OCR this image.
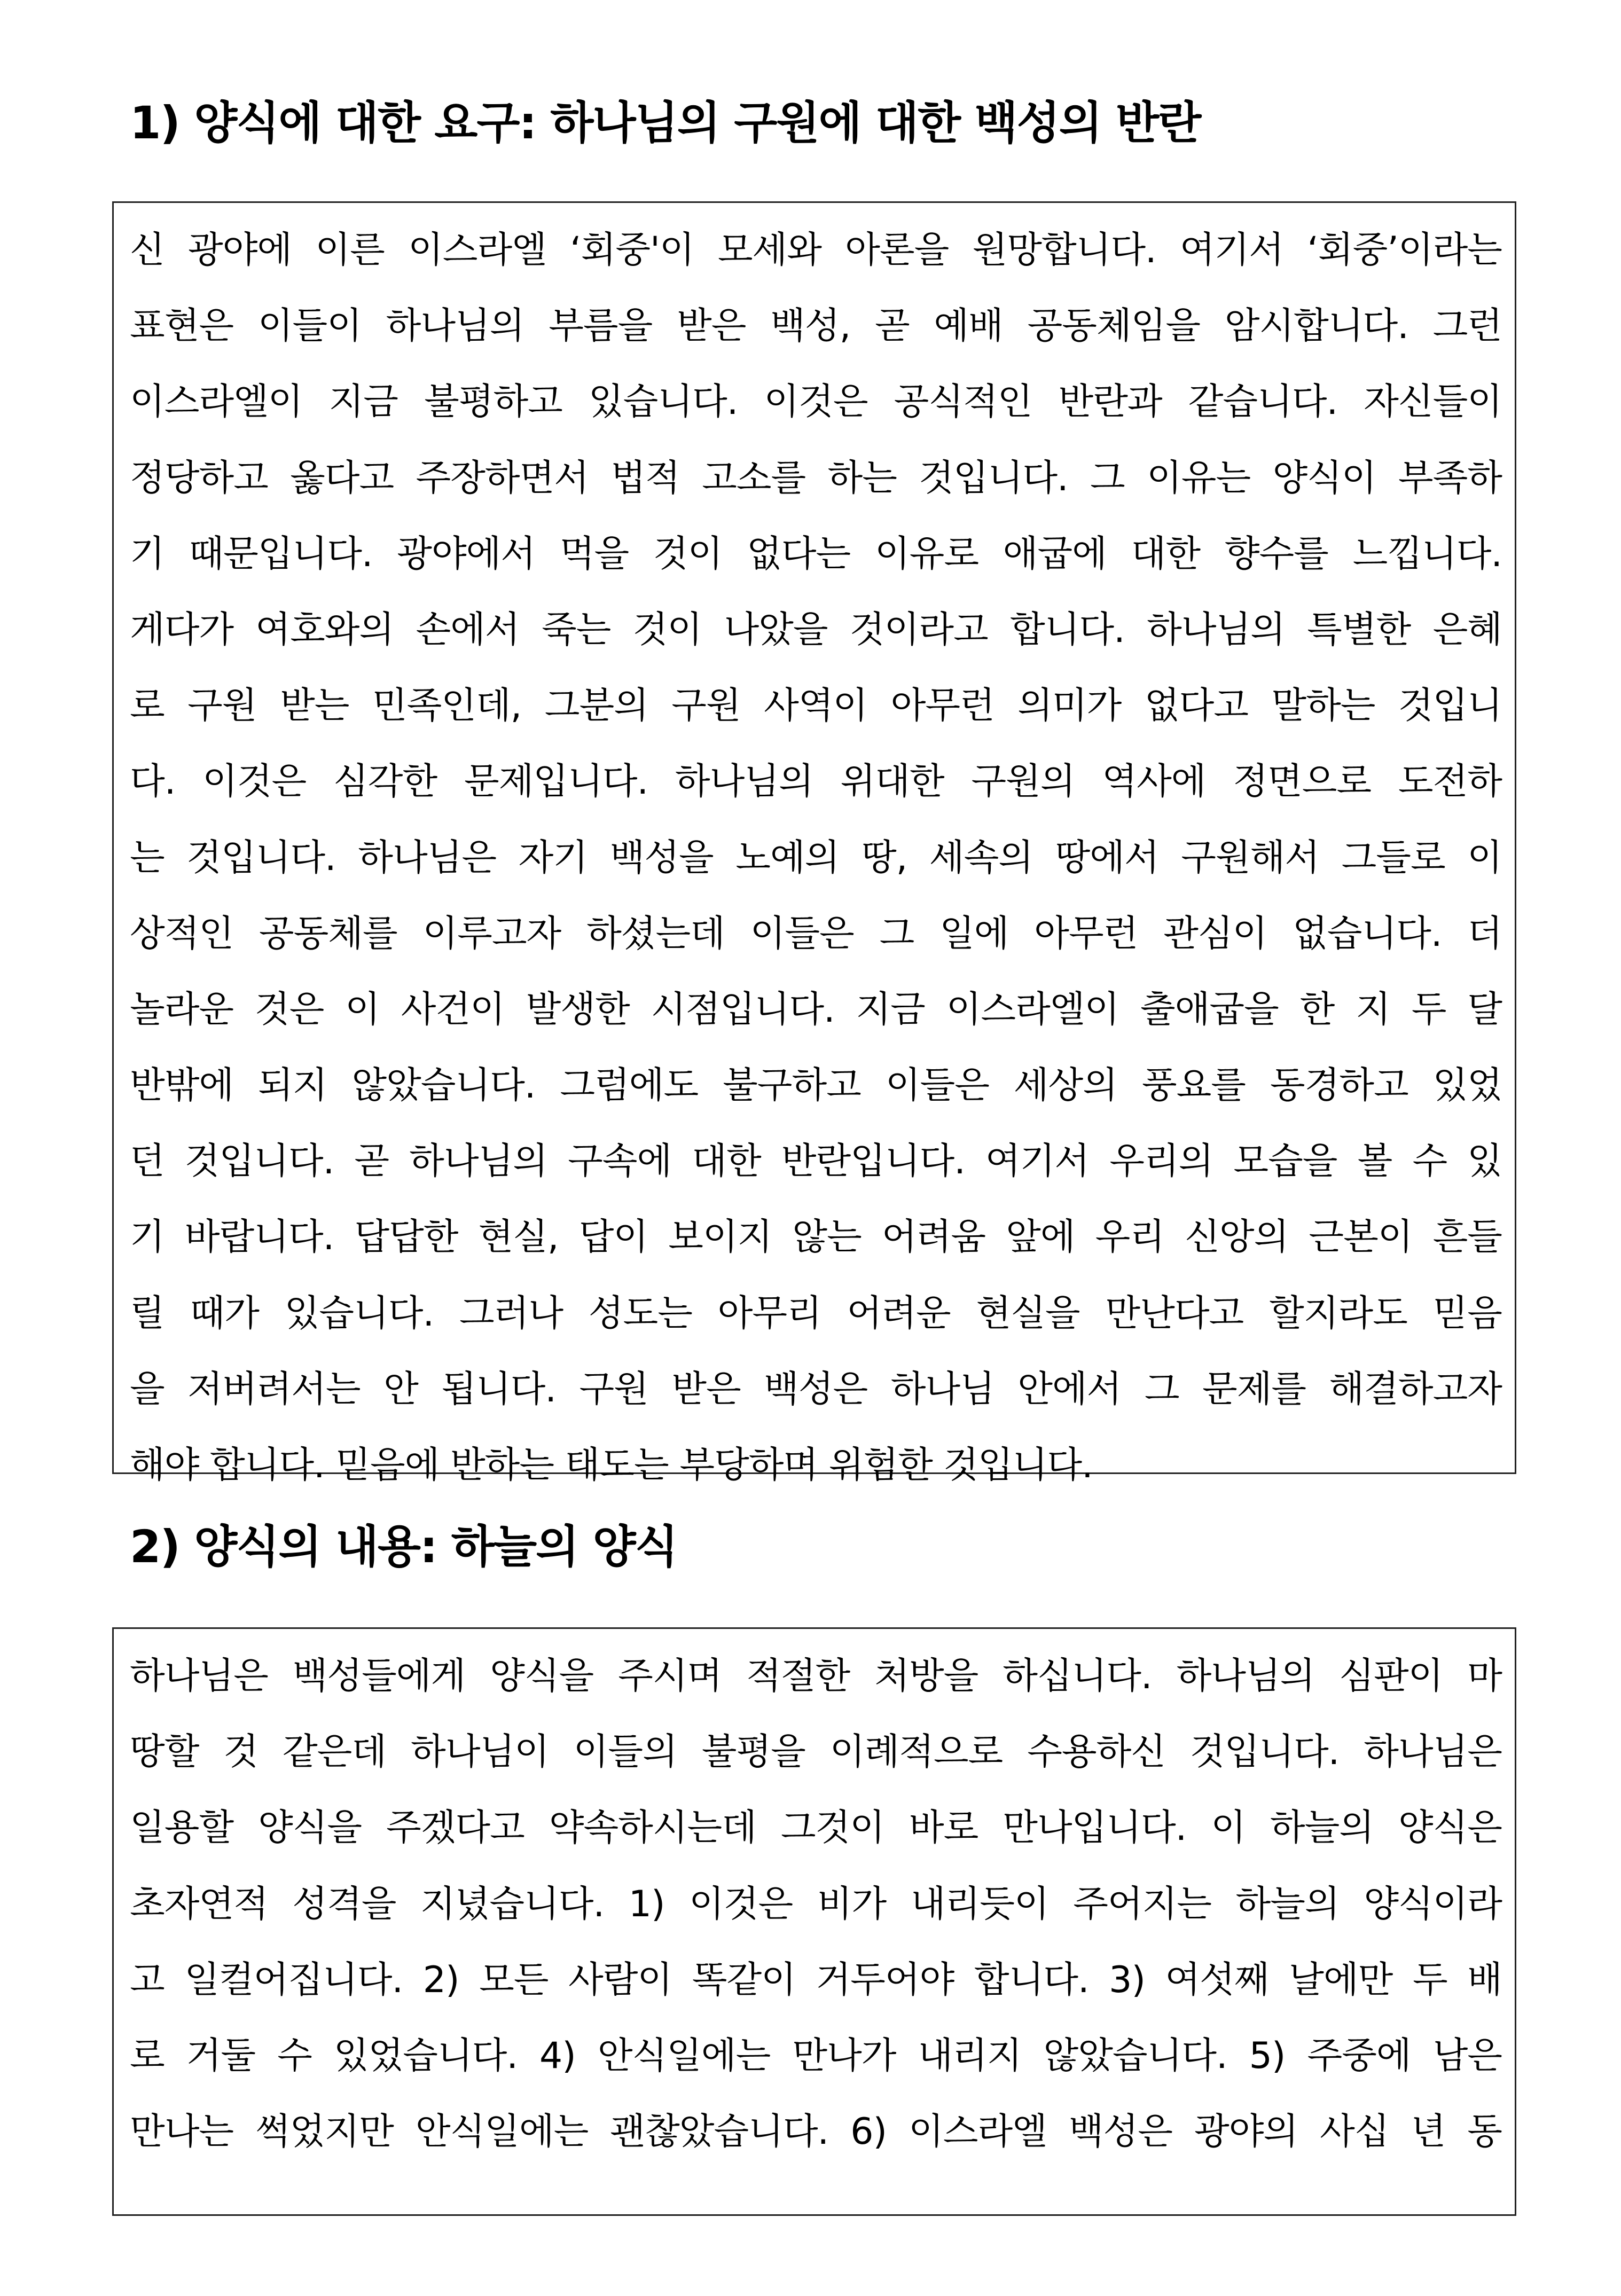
1) 양식에 대한 요구: 하나님의 구원에 대한 백성의 반란
신 광야에 이른 이스라엘 ‘회중'이 모세와 아론을 원망합니다. 여기서 ‘회중’이라는
표현은 이들이 하나님의 부름을 받은 백성, 곧 예배 공동체임을 암시합니다. 그런
이스라엘이 지금 불평하고 있습니다. 이것은 공식적인 반란과 같습니다. 자신들이
정당하고 옳다고 주장하면서 법적 고소를 하는 것입니다. 그 이유는 양식이 부족하
기 때문입니다. 광야에서 먹을 것이 없다는 이유로 애굽에 대한 향수를 느낍니다.
게다가 여호와의 손에서 죽는 것이 나았을 것이라고 합니다. 하나님의 특별한 은혜
로 구원 받는 민족인데, 그분의 구원 사역이 아무런 의미가 없다고 말하는 것입니
다. 이것은 심각한 문제입니다. 하나님의 위대한 구원의 역사에 정면으로 도전하
는 것입니다. 하나님은 자기 백성을 노예의 땅, 세속의 땅에서 구원해서 그들로 이
상적인 공동체를 이루고자 하셨는데 이들은 그 일에 아무런 관심이 없습니다. 더
놀라운 것은 이 사건이 발생한 시점입니다. 지금 이스라엘이 출애굽을 한 지 두 달
반밖에 되지 않았습니다. 그럼에도 불구하고 이들은 세상의 풍요를 동경하고 있었
던 것입니다. 곧 하나님의 구속에 대한 반란입니다. 여기서 우리의 모습을 볼 수 있
기 바랍니다. 답답한 현실, 답이 보이지 않는 어려움 앞에 우리 신앙의 근본이 흔들
릴 때가 있습니다. 그러나 성도는 아무리 어려운 현실을 만난다고 할지라도 믿음
을 저버려서는 안 됩니다. 구원 받은 백성은 하나님 안에서 그 문제를 해결하고자
해야 합니다. 믿음에 반하는 태도는 부당하며 위험한 것입니다.
2) 양식의 내용: 하늘의 양식
하나님은 백성들에게 양식을 주시며 적절한 처방을 하십니다. 하나님의 심판이 마
땅할 것 같은데 하나님이 이들의 불평을 이례적으로 수용하신 것입니다. 하나님은
일용할 양식을 주겠다고 약속하시는데 그것이 바로 만나입니다. 이 하늘의 양식은
초자연적 성격을 지녔습니다. 1) 이것은 비가 내리듯이 주어지는 하늘의 양식이라
고 일컬어집니다. 2) 모든 사람이 똑같이 거두어야 합니다. 3) 여섯째 날에만 두 배
로 거둘 수 있었습니다. 4) 안식일에는 만나가 내리지 않았습니다. 5) 주중에 남은
만나는 썩었지만 안식일에는 괜찮았습니다. 6) 이스라엘 백성은 광야의 사십 년 동
